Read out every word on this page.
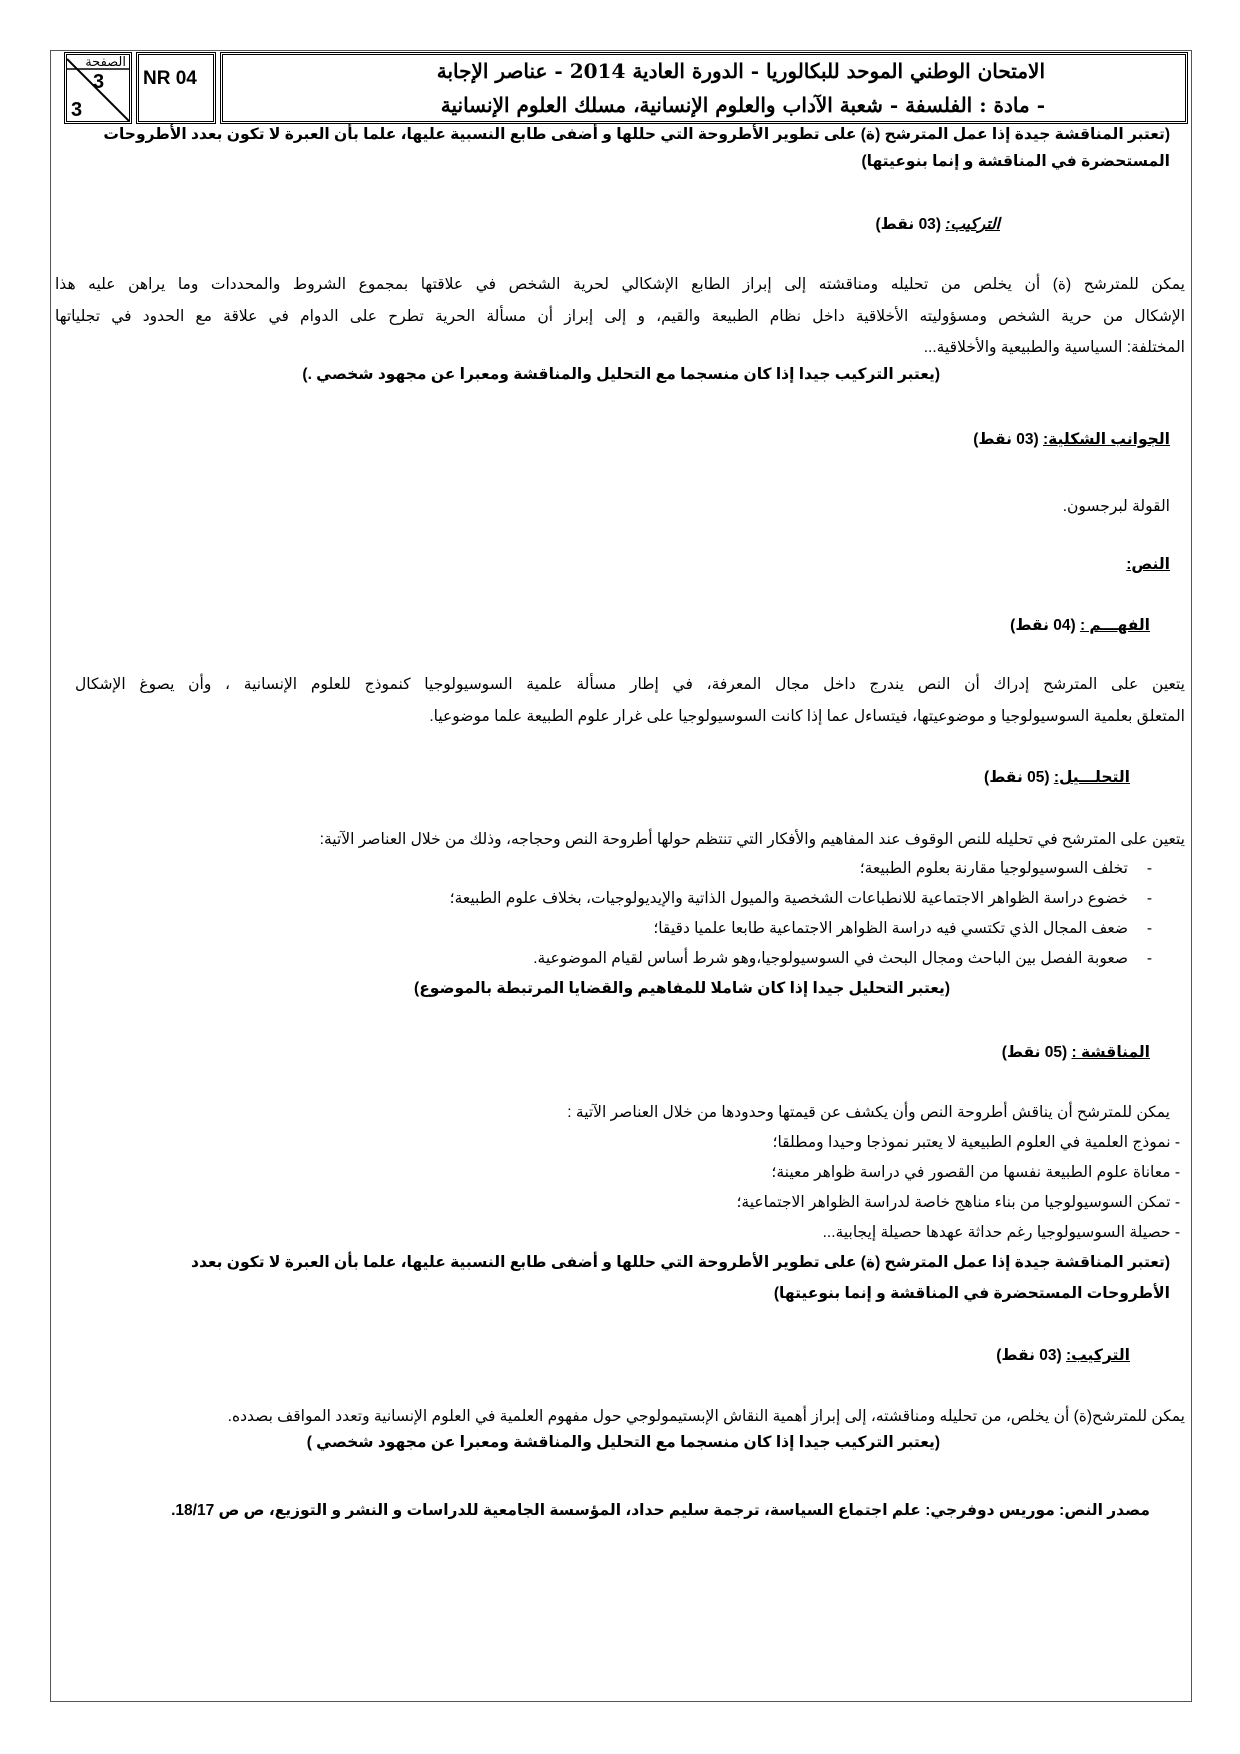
الصفحة
3
3
NR 04	الامتحان الوطني الموحد للبكالوريا - الدورة العادية 2014 - عناصر الإجابة
- مادة : الفلسفة - شعبة الآداب والعلوم الإنسانية، مسلك العلوم الإنسانية
(تعتبر المناقشة جيدة إذا عمل المترشح (ة) على تطوير الأطروحة التي حللها و أضفى طابع النسبية عليها، علما بأن العبرة لا تكون بعدد الأطروحات
المستحضرة في المناقشة و إنما بنوعيتها)
التركيب: (03 نقط)
يمكن للمترشح (ة) أن يخلص من تحليله ومناقشته إلى إبراز الطابع الإشكالي لحرية الشخص في علاقتها بمجموع الشروط والمحددات وما يراهن عليه هذا
الإشكال من حرية الشخص ومسؤوليته الأخلاقية داخل نظام الطبيعة والقيم، و إلى إبراز أن مسألة الحرية تطرح على الدوام في علاقة مع الحدود في تجلياتها
المختلفة: السياسية والطبيعية والأخلاقية...
(يعتبر التركيب جيدا إذا كان منسجما مع التحليل والمناقشة ومعبرا عن مجهود شخصي .)
الجوانب الشكلية: (03 نقط)
القولة لبرجسون.
النص:
الفهـــم : (04 نقط)
يتعين على المترشح إدراك أن النص يندرج داخل مجال المعرفة، في إطار مسألة علمية السوسيولوجيا كنموذج للعلوم الإنسانية ، وأن يصوغ الإشكال
المتعلق بعلمية السوسيولوجيا و موضوعيتها، فيتساءل عما إذا كانت السوسيولوجيا على غرار علوم الطبيعة علما موضوعيا.
التحلـــيل: (05 نقط)
يتعين على المترشح في تحليله للنص الوقوف عند المفاهيم والأفكار التي تنتظم حولها أطروحة النص وحجاجه، وذلك من خلال العناصر الآتية:
- تخلف السوسيولوجيا مقارنة بعلوم الطبيعة؛
- خضوع دراسة الظواهر الاجتماعية للانطباعات الشخصية والميول الذاتية والإيديولوجيات، بخلاف علوم الطبيعة؛
- ضعف المجال الذي تكتسي فيه دراسة الظواهر الاجتماعية طابعا علميا دقيقا؛
- صعوبة الفصل بين الباحث ومجال البحث في السوسيولوجيا،وهو شرط أساس لقيام الموضوعية.
(يعتبر التحليل جيدا إذا كان شاملا للمفاهيم والقضايا المرتبطة بالموضوع)
المناقشة : (05 نقط)
يمكن للمترشح أن يناقش أطروحة النص وأن يكشف عن قيمتها وحدودها من خلال العناصر الآتية :
- نموذج العلمية في العلوم الطبيعية لا يعتبر نموذجا وحيدا ومطلقا؛
- معاناة علوم الطبيعة نفسها من القصور في دراسة ظواهر معينة؛
- تمكن السوسيولوجيا من بناء مناهج خاصة لدراسة الظواهر الاجتماعية؛
- حصيلة السوسيولوجيا رغم حداثة عهدها حصيلة إيجابية...
(تعتبر المناقشة جيدة إذا عمل المترشح (ة) على تطوير الأطروحة التي حللها و أضفى طابع النسبية عليها، علما بأن العبرة لا تكون بعدد
الأطروحات المستحضرة في المناقشة و إنما بنوعيتها)
التركيب: (03 نقط)
يمكن للمترشح(ة) أن يخلص، من تحليله ومناقشته، إلى إبراز أهمية النقاش الإبستيمولوجي حول مفهوم العلمية في العلوم الإنسانية وتعدد المواقف بصدده.
(يعتبر التركيب جيدا إذا كان منسجما مع التحليل والمناقشة ومعبرا عن مجهود شخصي )
مصدر النص: موريس دوفرجي: علم اجتماع السياسة، ترجمة سليم حداد، المؤسسة الجامعية للدراسات و النشر و التوزيع، ص ص 18/17.
